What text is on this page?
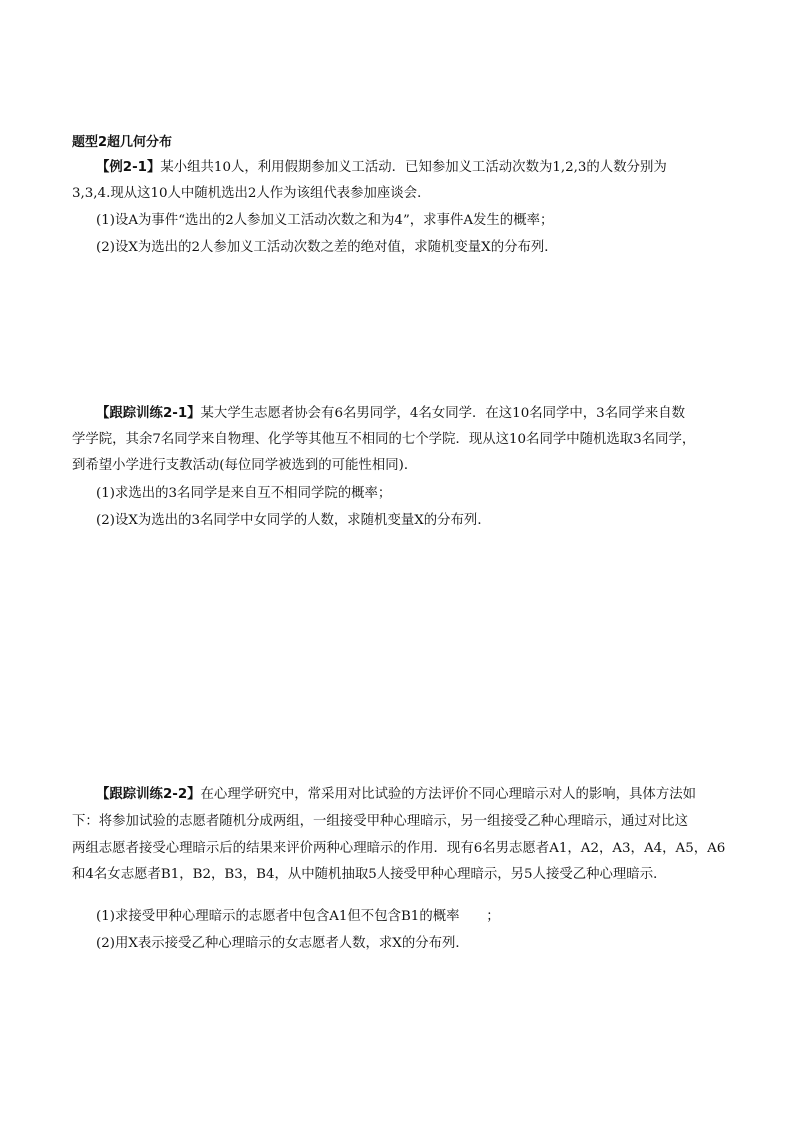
题型2超几何分布
【例2-1】某小组共10人，利用假期参加义工活动．已知参加义工活动次数为1,2,3的人数分别为
3,3,4.现从这10人中随机选出2人作为该组代表参加座谈会．
(1)设A为事件“选出的2人参加义工活动次数之和为4”，求事件A发生的概率；
(2)设X为选出的2人参加义工活动次数之差的绝对值，求随机变量X的分布列．
【跟踪训练2-1】某大学生志愿者协会有6名男同学，4名女同学．在这10名同学中，3名同学来自数
学学院，其余7名同学来自物理、化学等其他互不相同的七个学院．现从这10名同学中随机选取3名同学，
到希望小学进行支教活动(每位同学被选到的可能性相同)．
(1)求选出的3名同学是来自互不相同学院的概率；
(2)设X为选出的3名同学中女同学的人数，求随机变量X的分布列．
【跟踪训练2-2】在心理学研究中，常采用对比试验的方法评价不同心理暗示对人的影响，具体方法如
下：将参加试验的志愿者随机分成两组，一组接受甲种心理暗示，另一组接受乙种心理暗示，通过对比这
两组志愿者接受心理暗示后的结果来评价两种心理暗示的作用．现有6名男志愿者A1，A2，A3，A4，A5，A6
和4名女志愿者B1，B2，B3，B4，从中随机抽取5人接受甲种心理暗示，另5人接受乙种心理暗示．
(1)求接受甲种心理暗示的志愿者中包含A1但不包含B1的概率　　；
(2)用X表示接受乙种心理暗示的女志愿者人数，求X的分布列．
